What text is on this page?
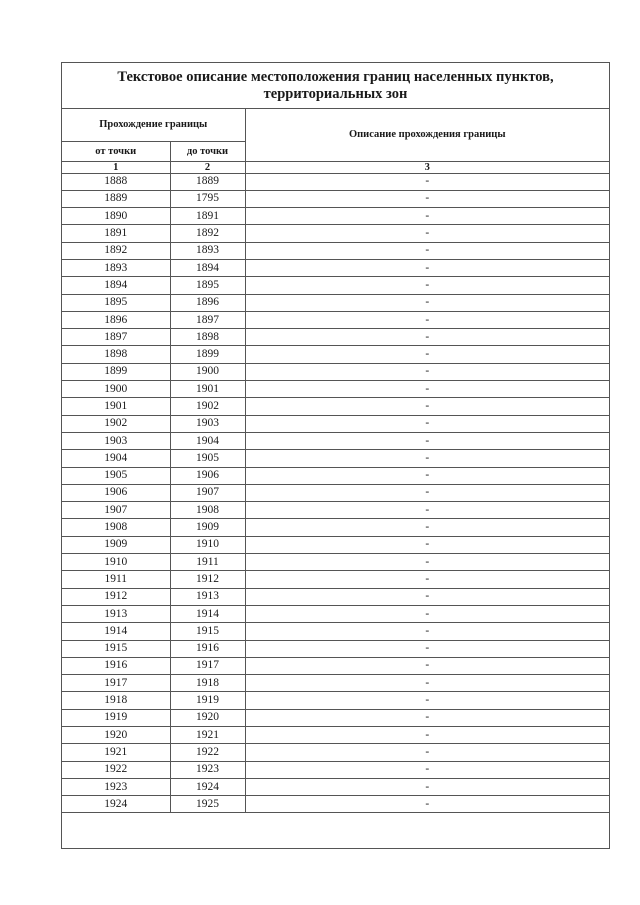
Текстовое описание местоположения границ населенных пунктов,
территориальных зон
Прохождение границы		Описание прохождения границы
от точки	до точки	
1	2	3
1888	1889	-
1889	1795	-
1890	1891	-
1891	1892	-
1892	1893	-
1893	1894	-
1894	1895	-
1895	1896	-
1896	1897	-
1897	1898	-
1898	1899	-
1899	1900	-
1900	1901	-
1901	1902	-
1902	1903	-
1903	1904	-
1904	1905	-
1905	1906	-
1906	1907	-
1907	1908	-
1908	1909	-
1909	1910	-
1910	1911	-
1911	1912	-
1912	1913	-
1913	1914	-
1914	1915	-
1915	1916	-
1916	1917	-
1917	1918	-
1918	1919	-
1919	1920	-
1920	1921	-
1921	1922	-
1922	1923	-
1923	1924	-
1924	1925	-
